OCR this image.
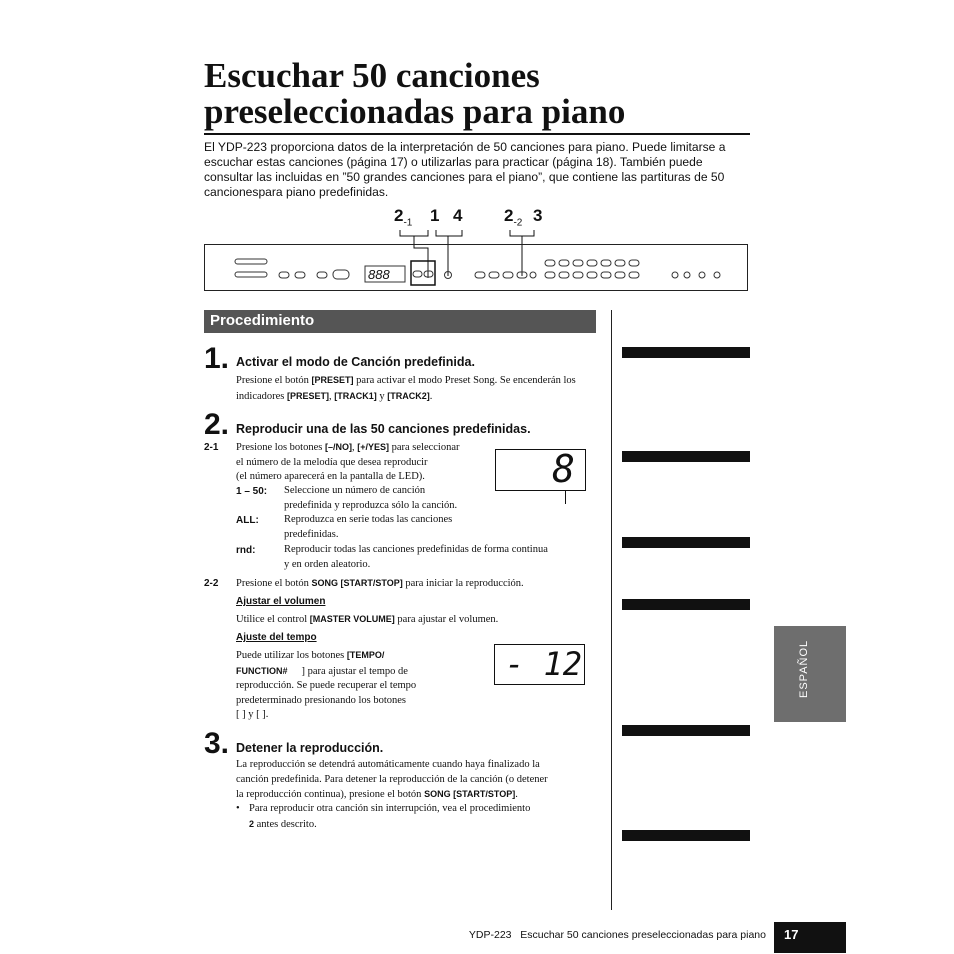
Escuchar 50 canciones
preseleccionadas para piano
El YDP-223 proporciona datos de la interpretación de 50 canciones para piano. Puede limitarse a escuchar estas canciones (página 17) o utilizarlas para practicar (página 18). También puede consultar las incluidas en ”50 grandes canciones para el piano”, que contiene las partituras de 50 cancionespara piano predefinidas.
$2_{-1}$ 1 4 $2_{-2}$ 3
888
Procedimiento
1. Activar el modo de Canción predefinida.
Presione el botón [PRESET] para activar el modo Preset Song. Se encenderán los
indicadores [PRESET], [TRACK1] y [TRACK2].
2. Reproducir una de las 50 canciones predefinidas.
2-1 Presione los botones [–/NO], [+/YES] para seleccionar
el número de la melodía que desea reproducir
(el número aparecerá en la pantalla de LED).
1 – 50: Seleccione un número de canción
predefinida y reproduzca sólo la canción.
ALL: Reproduzca en serie todas las canciones
predefinidas.
rnd:	Reproducir todas las canciones predefinidas de forma continua
y en orden aleatorio.
8
2-2 Presione el botón SONG [START/STOP] para iniciar la reproducción.
Ajustar el volumen
Utilice el control [MASTER VOLUME] para ajustar el volumen.
Ajuste del tempo
Puede utilizar los botones [TEMPO/
FUNCTION# ] para ajustar el tempo de
reproducción. Se puede recuperar el tempo
predeterminado presionando los botones
[ ] y [ ].
- 12
3. Detener la reproducción.
La reproducción se detendrá automáticamente cuando haya finalizado la
canción predefinida. Para detener la reproducción de la canción (o detener
la reproducción continua), presione el botón SONG [START/STOP].
• Para reproducir otra canción sin interrupción, vea el procedimiento
2 antes descrito.
ESPAÑOL
YDP-223   Escuchar 50 canciones preseleccionadas para piano 17
